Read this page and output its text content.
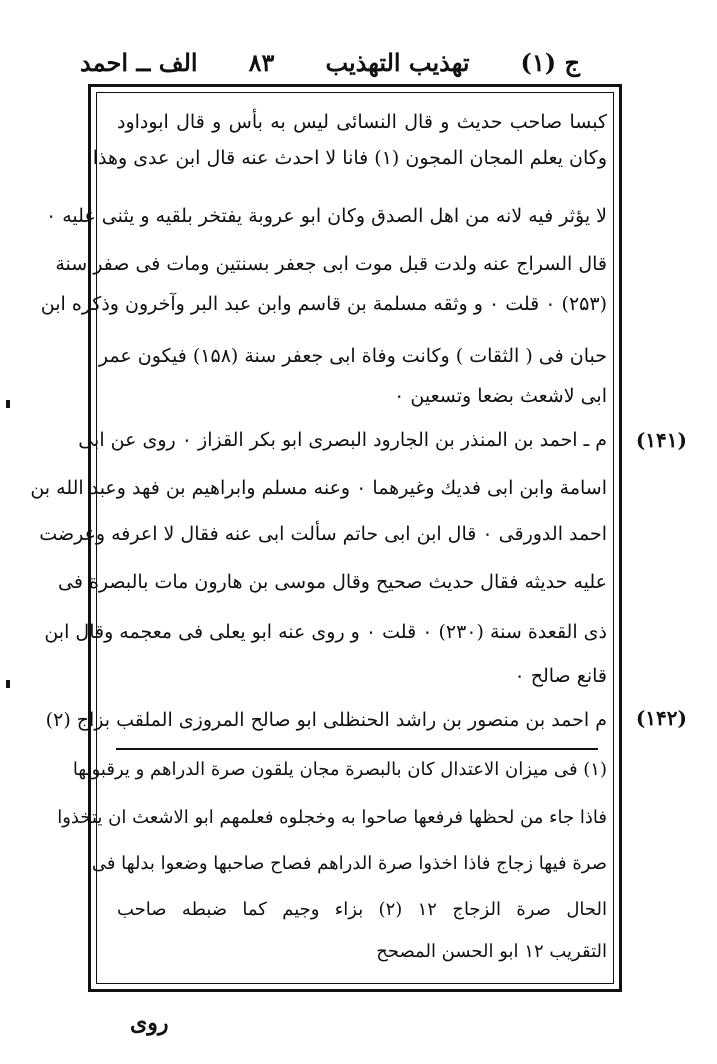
ج (۱)
تهذيب التهذيب
۸۳
الف ــ احمد
كبسا صاحب حديث و قال النسائى ليس به بأس و قال ابوداود
وكان يعلم المجان المجون (۱) فانا لا احدث عنه قال ابن عدى وهذا
لا يؤثر فيه لانه من اهل الصدق وكان ابو عروبة يفتخر بلقيه و يثنى عليه ۰
قال السراج عنه ولدت قبل موت ابى جعفر بسنتين ومات فى صفر سنة
(۲۵۳) ۰ قلت ۰ و وثقه مسلمة بن قاسم وابن عبد البر وآخرون وذكره ابن
حبان فى ( الثقات ) وكانت وفاة ابى جعفر سنة (۱۵۸) فيكون عمر
ابى لاشعث بضعا وتسعين ۰
م ـ احمد بن المنذر بن الجارود البصرى ابو بكر القزاز ۰ روى عن ابى
اسامة وابن ابى فديك وغيرهما ۰ وعنه مسلم وابراهيم بن فهد وعبد الله بن
احمد الدورقى ۰ قال ابن ابى حاتم سألت ابى عنه فقال لا اعرفه وعرضت
عليه حديثه فقال حديث صحيح وقال موسى بن هارون مات بالبصرة فى
ذى القعدة سنة (۲۳۰) ۰ قلت ۰ و روى عنه ابو يعلى فى معجمه وقال ابن
قانع صالح ۰
م احمد بن منصور بن راشد الحنظلى ابو صالح المروزى الملقب بزاج (۲)
(۱۴۱)
(۱۴۲)
(۱) فى ميزان الاعتدال كان بالبصرة مجان يلقون صرة الدراهم و يرقبونها
فاذا جاء من لحظها فرفعها صاحوا به وخجلوه فعلمهم ابو الاشعث ان يتخذوا
صرة فيها زجاج فاذا اخذوا صرة الدراهم فصاح صاحبها وضعوا بدلها فى
الحال صرة الزجاج ۱۲ (۲) بزاء وجيم كما ضبطه صاحب
التقريب ۱۲ ابو الحسن المصحح
روى
